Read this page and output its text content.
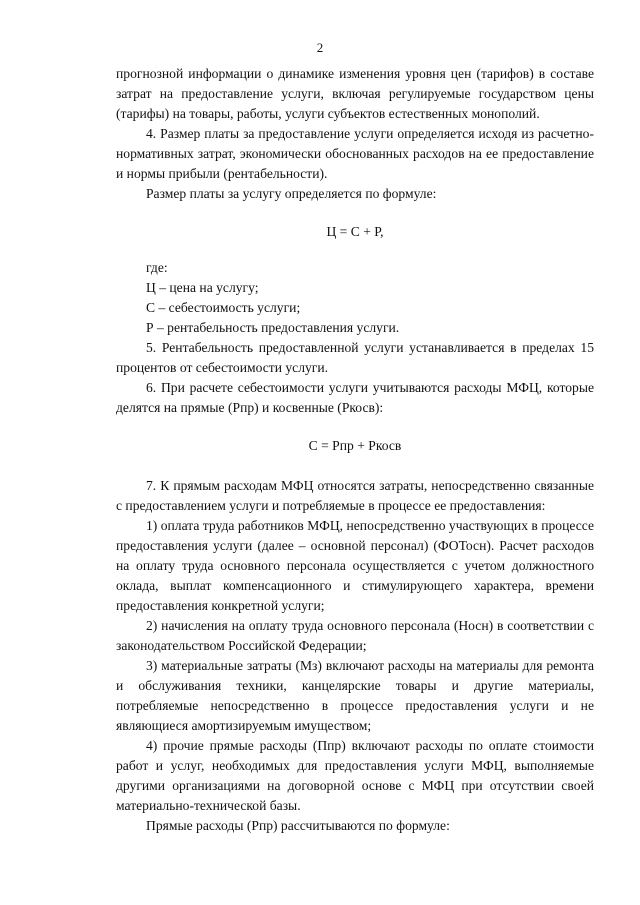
2

прогнозной информации о динамике изменения уровня цен (тарифов) в составе затрат на предоставление услуги, включая регулируемые государством цены (тарифы) на товары, работы, услуги субъектов естественных монополий.

4. Размер платы за предоставление услуги определяется исходя из расчетно-нормативных затрат, экономически обоснованных расходов на ее предоставление и нормы прибыли (рентабельности).

Размер платы за услугу определяется по формуле:

Ц = С + Р,

где:

Ц – цена на услугу;

С – себестоимость услуги;

Р – рентабельность предоставления услуги.

5. Рентабельность предоставленной услуги устанавливается в пределах 15 процентов от себестоимости услуги.

6. При расчете себестоимости услуги учитываются расходы МФЦ, которые делятся на прямые (Рпр) и косвенные (Ркосв):

С = Рпр + Ркосв

7. К прямым расходам МФЦ относятся затраты, непосредственно связанные с предоставлением услуги и потребляемые в процессе ее предоставления:

1) оплата труда работников МФЦ, непосредственно участвующих в процессе предоставления услуги (далее – основной персонал) (ФОТосн). Расчет расходов на оплату труда основного персонала осуществляется с учетом должностного оклада, выплат компенсационного и стимулирующего характера, времени предоставления конкретной услуги;

2) начисления на оплату труда основного персонала (Носн) в соответствии с законодательством Российской Федерации;

3) материальные затраты (Мз) включают расходы на материалы для ремонта и обслуживания техники, канцелярские товары и другие материалы, потребляемые непосредственно в процессе предоставления услуги и не являющиеся амортизируемым имуществом;

4) прочие прямые расходы (Ппр) включают расходы по оплате стоимости работ и услуг, необходимых для предоставления услуги МФЦ, выполняемые другими организациями на договорной основе с МФЦ при отсутствии своей материально-технической базы.

Прямые расходы (Рпр) рассчитываются по формуле:
